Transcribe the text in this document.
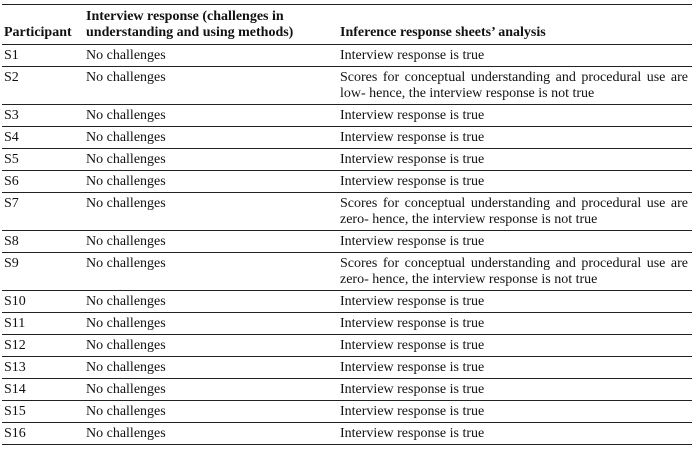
Participant	Interview response (challenges in understanding and using methods)	Inference response sheets’ analysis
S1	No challenges	Interview response is true
S2	No challenges	Scores for conceptual understanding and procedural use are low- hence, the interview response is not true
S3	No challenges	Interview response is true
S4	No challenges	Interview response is true
S5	No challenges	Interview response is true
S6	No challenges	Interview response is true
S7	No challenges	Scores for conceptual understanding and procedural use are zero- hence, the interview response is not true
S8	No challenges	Interview response is true
S9	No challenges	Scores for conceptual understanding and procedural use are zero- hence, the interview response is not true
S10	No challenges	Interview response is true
S11	No challenges	Interview response is true
S12	No challenges	Interview response is true
S13	No challenges	Interview response is true
S14	No challenges	Interview response is true
S15	No challenges	Interview response is true
S16	No challenges	Interview response is true
